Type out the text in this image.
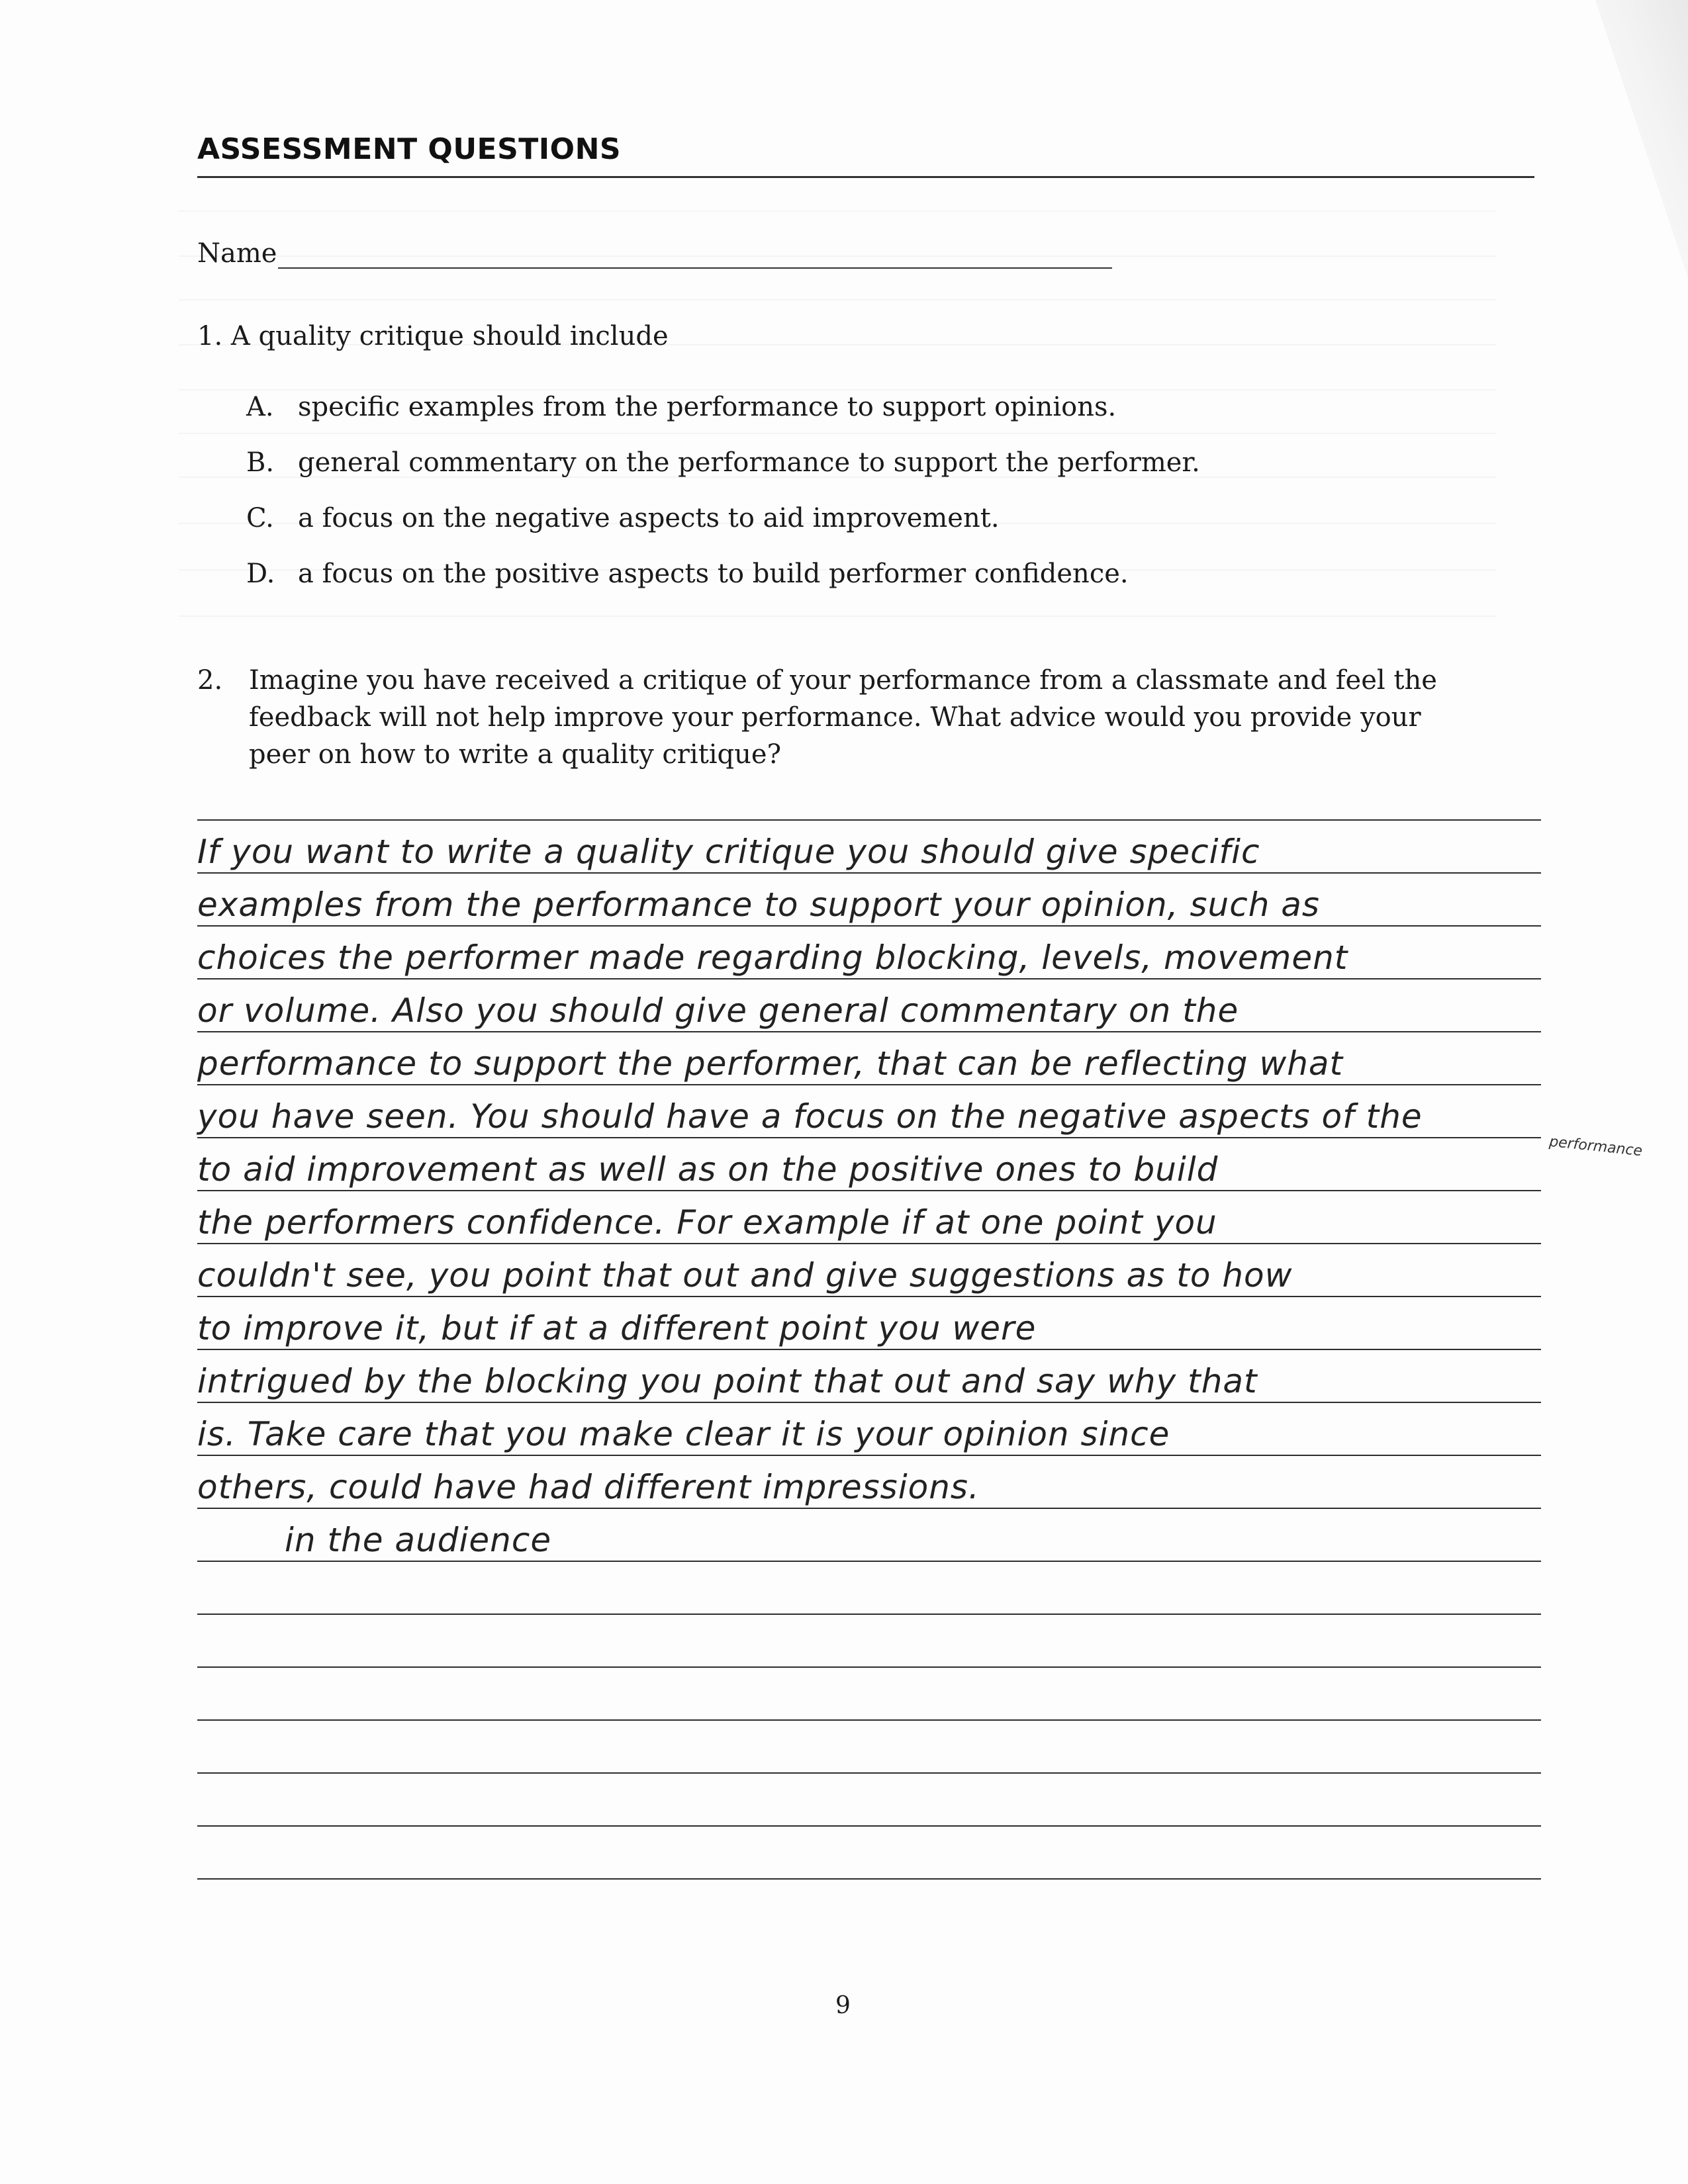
ASSESSMENT QUESTIONS
Name
1. A quality critique should include
A. specific examples from the performance to support opinions.
B. general commentary on the performance to support the performer.
C. a focus on the negative aspects to aid improvement.
D. a focus on the positive aspects to build performer confidence.
2. Imagine you have received a critique of your performance from a classmate and feel the
feedback will not help improve your performance. What advice would you provide your
peer on how to write a quality critique?
If you want to write a quality critique you should give specific
examples from the performance to support your opinion, such as
choices the performer made regarding blocking, levels, movement
or volume. Also you should give general commentary on the
performance to support the performer, that can be reflecting what
you have seen. You should have a focus on the negative aspects of the
to aid improvement as well as on the positive ones to build
the performers confidence. For example if at one point you
couldn't see, you point that out and give suggestions as to how
to improve it, but if at a different point you were
intrigued by the blocking you point that out and say why that
is. Take care that you make clear it is your opinion since
others, could have had different impressions.
in the audience
performance
9
